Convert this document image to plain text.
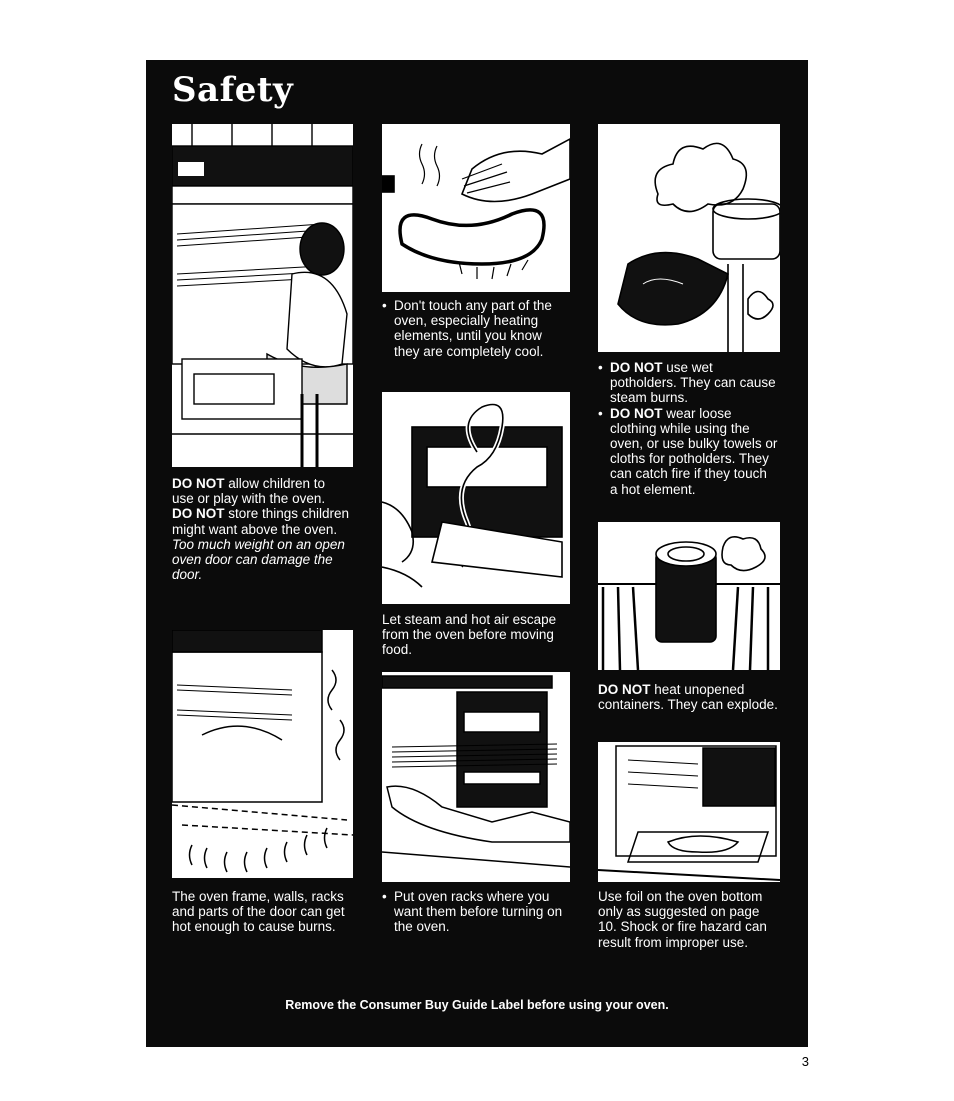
Safety

DO NOT allow children to use or play with the oven.

DO NOT store things children might want above the oven. Too much weight on an open oven door can damage the door.

• Don't touch any part of the oven, especially heating elements, until you know they are completely cool.
• DO NOT use wet potholders. They can cause steam burns.
• DO NOT wear loose clothing while using the oven, or use bulky towels or cloths for potholders. They can catch fire if they touch a hot element.

Let steam and hot air escape from the oven before moving food.

DO NOT heat unopened containers. They can explode.

The oven frame, walls, racks and parts of the door can get hot enough to cause burns.

• Put oven racks where you want them before turning on the oven.

Use foil on the oven bottom only as suggested on page 10. Shock or fire hazard can result from improper use.

Remove the Consumer Buy Guide Label before using your oven.

3
